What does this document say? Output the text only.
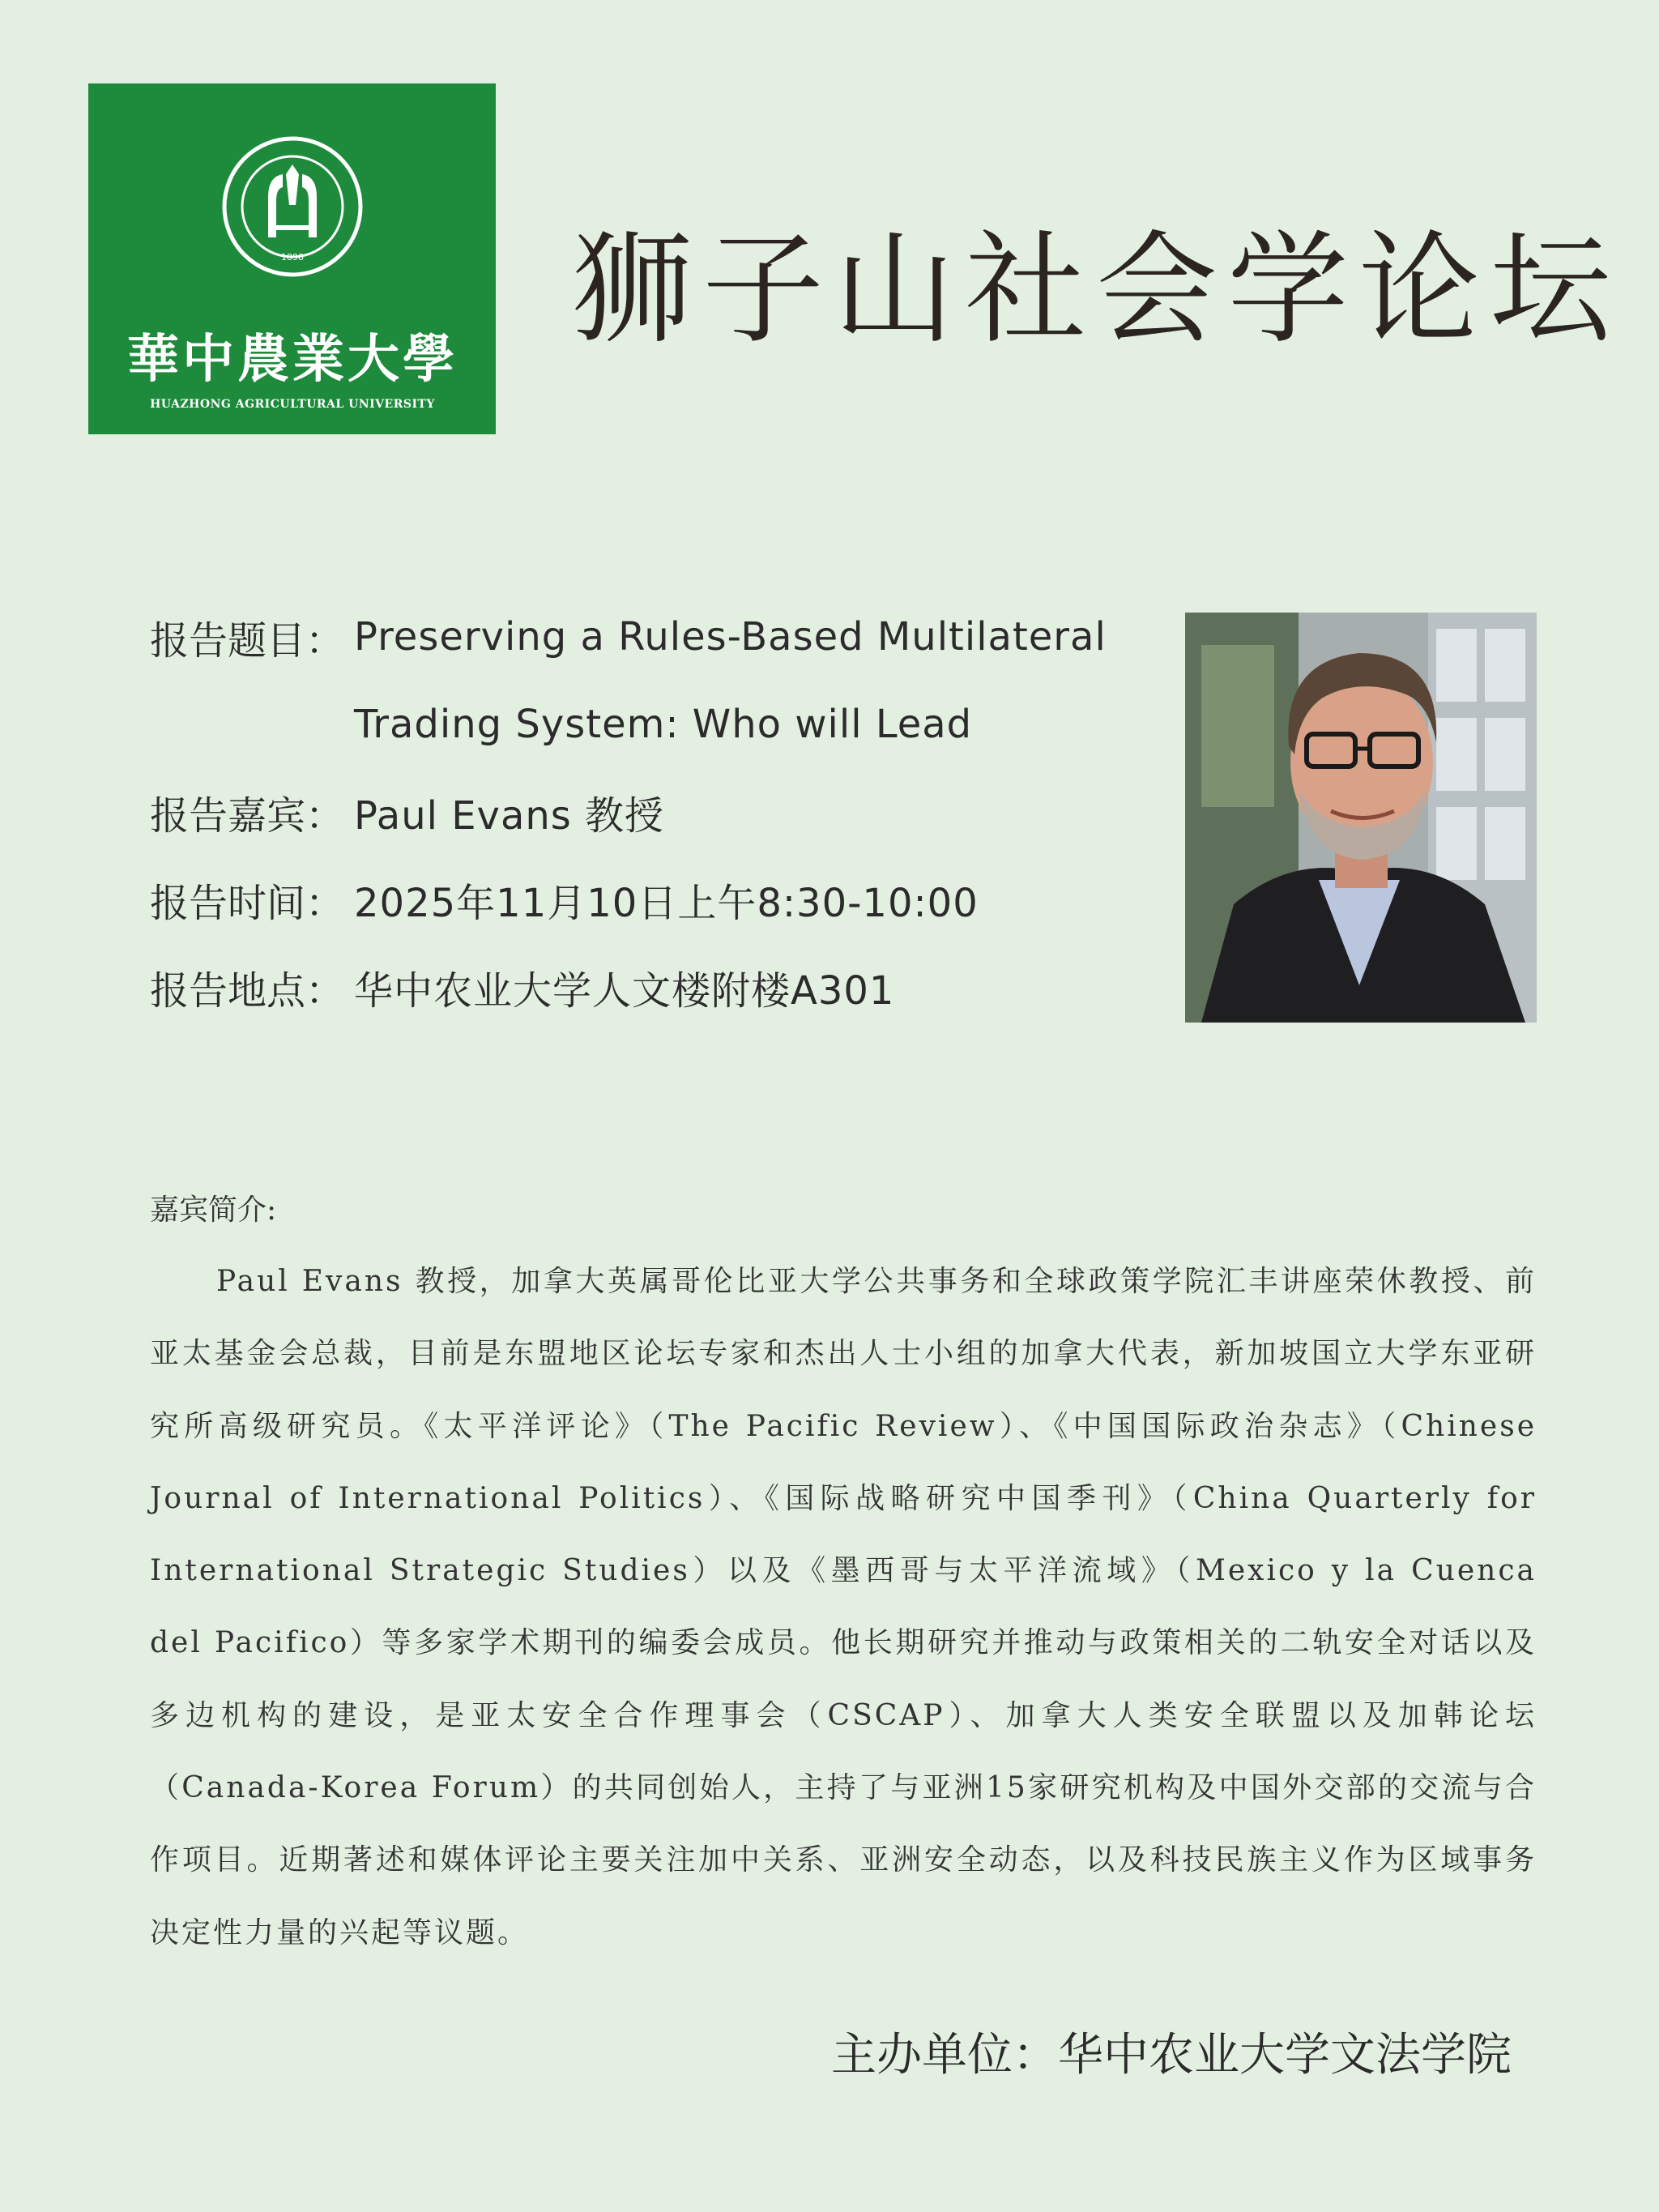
1898
HUAZHONG AGRICULTURAL UNIVERSITY
華中農業大學 狮子山社会学论坛
报告题目： Preserving a Rules-Based Multilateral
Trading System: Who will Lead
报告嘉宾： Paul Evans 教授
报告时间： 2025年11月10日上午8:30-10:00
报告地点： 华中农业大学人文楼附楼A301
嘉宾简介:
Paul Evans 教授，加拿大英属哥伦比亚大学公共事务和全球政策学院汇丰讲座荣休教授、前亚太基金会总裁，目前是东盟地区论坛专家和杰出人士小组的加拿大代表，新加坡国立大学东亚研究所高级研究员。《太平洋评论》（The Pacific Review）、《中国国际政治杂志》（Chinese Journal of International Politics）、《国际战略研究中国季刊》（China Quarterly for International Strategic Studies）以及《墨西哥与太平洋流域》（Mexico y la Cuenca del Pacifico）等多家学术期刊的编委会成员。他长期研究并推动与政策相关的二轨安全对话以及多边机构的建设，是亚太安全合作理事会（CSCAP）、加拿大人类安全联盟以及加韩论坛（Canada-Korea Forum）的共同创始人，主持了与亚洲15家研究机构及中国外交部的交流与合作项目。近期著述和媒体评论主要关注加中关系、亚洲安全动态，以及科技民族主义作为区域事务决定性力量的兴起等议题。
主办单位：华中农业大学文法学院
